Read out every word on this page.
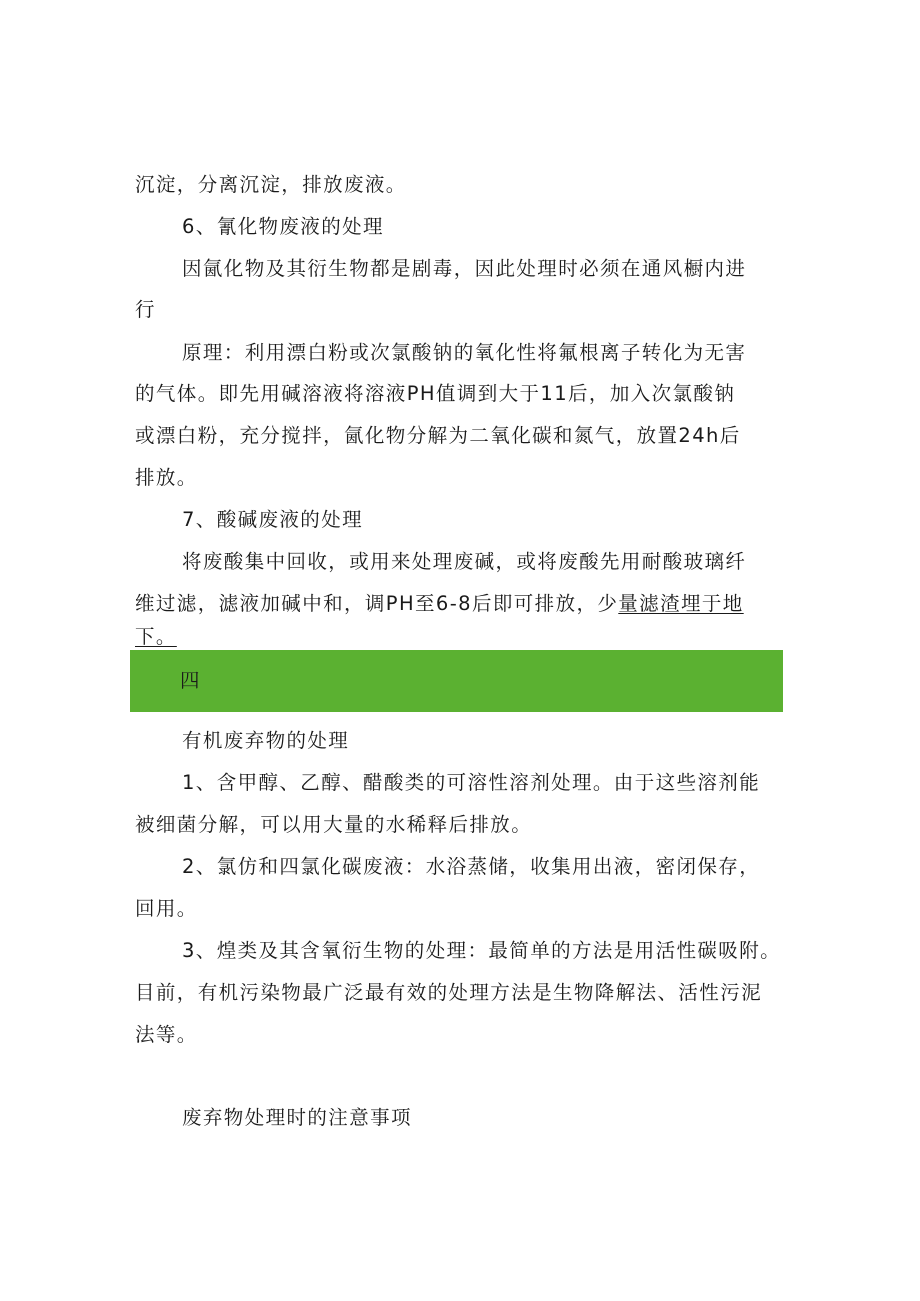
沉淀，分离沉淀，排放废液。
6、氰化物废液的处理
因氤化物及其衍生物都是剧毒，因此处理时必须在通风橱内进
行
原理：利用漂白粉或次氯酸钠的氧化性将氟根离子转化为无害
的气体。即先用碱溶液将溶液PH值调到大于11后，加入次氯酸钠
或漂白粉，充分搅拌，氤化物分解为二氧化碳和氮气，放置24h后
排放。
7、酸碱废液的处理
将废酸集中回收，或用来处理废碱，或将废酸先用耐酸玻璃纤
维过滤，滤液加碱中和，调PH至6-8后即可排放，少量滤渣埋于地
下。
四
有机废弃物的处理
1、含甲醇、乙醇、醋酸类的可溶性溶剂处理。由于这些溶剂能
被细菌分解，可以用大量的水稀释后排放。
2、氯仿和四氯化碳废液：水浴蒸储，收集用出液，密闭保存，
回用。
3、煌类及其含氧衍生物的处理：最简单的方法是用活性碳吸附。
目前，有机污染物最广泛最有效的处理方法是生物降解法、活性污泥
法等。
废弃物处理时的注意事项
